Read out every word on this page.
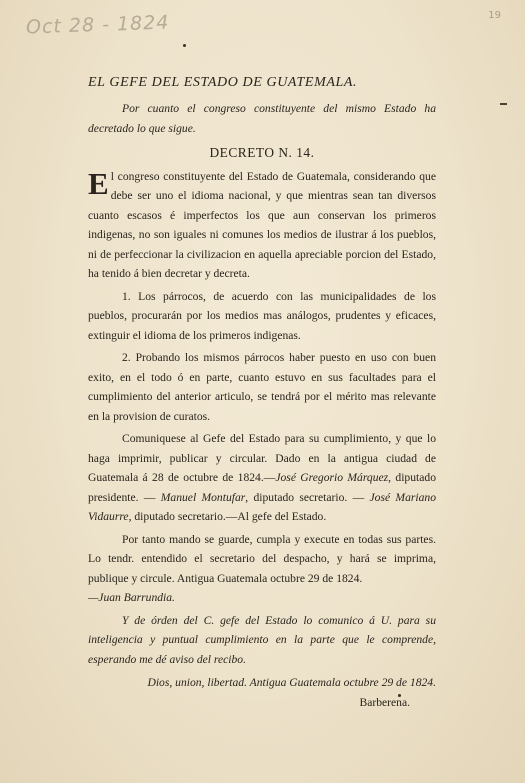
Oct 28 - 1824	19

EL GEFE DEL ESTADO DE GUATEMALA.

Por cuanto el congreso constituyente del mismo Estado ha decretado lo que sigue.

DECRETO N. 14.

El congreso constituyente del Estado de Guatemala, considerando que debe ser uno el idioma nacional, y que mientras sean tan diversos cuanto escasos é imperfectos los que aun conservan los primeros indigenas, no son iguales ni comunes los medios de ilustrar á los pueblos, ni de perfeccionar la civilizacion en aquella apreciable porcion del Estado, ha tenido á bien decretar y decreta.

1. Los párrocos, de acuerdo con las municipalidades de los pueblos, procurarán por los medios mas análogos, prudentes y eficaces, extinguir el idioma de los primeros indigenas.

2. Probando los mismos párrocos haber puesto en uso con buen exito, en el todo ó en parte, cuanto estuvo en sus facultades para el cumplimiento del anterior articulo, se tendrá por el mérito mas relevante en la provision de curatos.

Comuniquese al Gefe del Estado para su cumplimiento, y que lo haga imprimir, publicar y circular. Dado en la antigua ciudad de Guatemala á 28 de octubre de 1824.—José Gregorio Márquez, diputado presidente. — Manuel Montufar, diputado secretario. — José Mariano Vidaurre, diputado secretario.—Al gefe del Estado.

Por tanto mando se guarde, cumpla y execute en todas sus partes. Lo tendr. entendido el secretario del despacho, y hará se imprima, publique y circule. Antigua Guatemala octubre 29 de 1824.
—Juan Barrundia.

Y de órden del C. gefe del Estado lo comunico á U. para su inteligencia y puntual cumplimiento en la parte que le comprende, esperando me dé aviso del recibo.

Dios, union, libertad. Antigua Guatemala octubre 29 de 1824.

Barberena.
